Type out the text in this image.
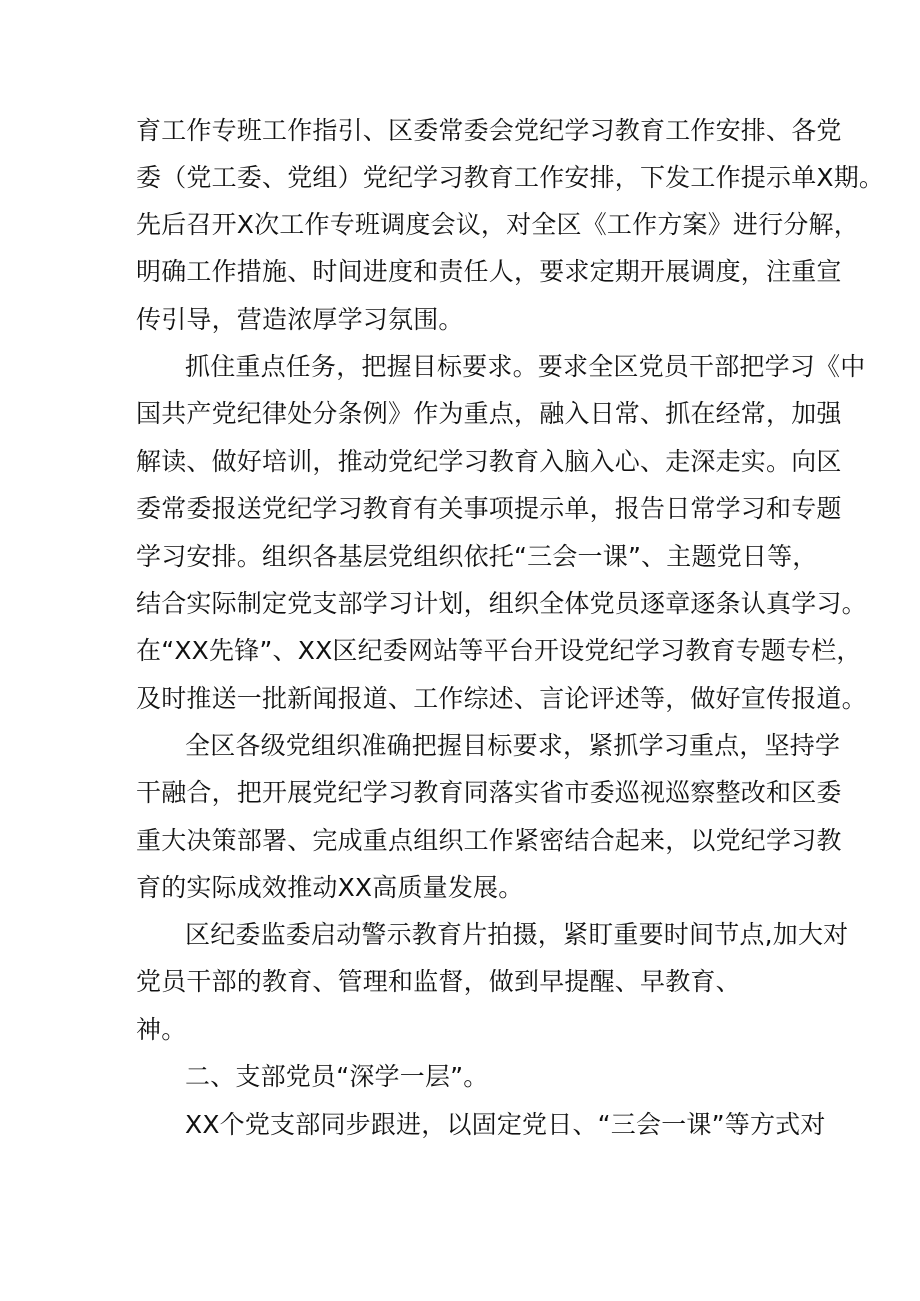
育工作专班工作指引、区委常委会党纪学习教育工作安排、各党
委（党工委、党组）党纪学习教育工作安排，下发工作提示单X期。
先后召开X次工作专班调度会议，对全区《工作方案》进行分解，
明确工作措施、时间进度和责任人，要求定期开展调度，注重宣
传引导，营造浓厚学习氛围。
抓住重点任务，把握目标要求。要求全区党员干部把学习《中
国共产党纪律处分条例》作为重点，融入日常、抓在经常，加强
解读、做好培训，推动党纪学习教育入脑入心、走深走实。向区
委常委报送党纪学习教育有关事项提示单，报告日常学习和专题
学习安排。组织各基层党组织依托“三会一课”、主题党日等，
结合实际制定党支部学习计划，组织全体党员逐章逐条认真学习。
在“XX先锋”、XX区纪委网站等平台开设党纪学习教育专题专栏，
及时推送一批新闻报道、工作综述、言论评述等，做好宣传报道。
全区各级党组织准确把握目标要求，紧抓学习重点，坚持学
干融合，把开展党纪学习教育同落实省市委巡视巡察整改和区委
重大决策部署、完成重点组织工作紧密结合起来，以党纪学习教
育的实际成效推动XX高质量发展。
区纪委监委启动警示教育片拍摄，紧盯重要时间节点,加大对
党员干部的教育、管理和监督，做到早提醒、早教育、
神。
二、支部党员“深学一层”。
XX个党支部同步跟进，以固定党日、“三会一课”等方式对
